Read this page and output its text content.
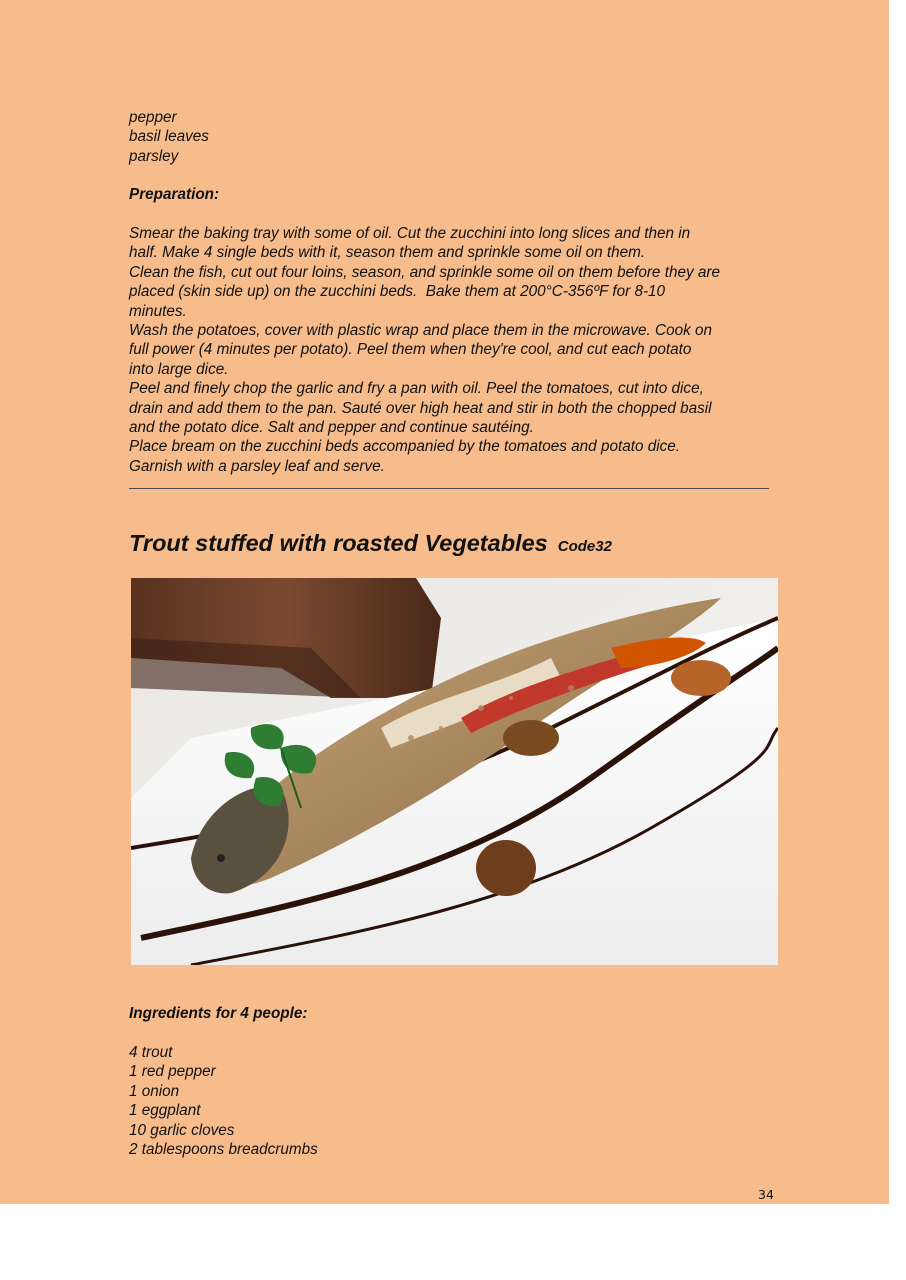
pepper
basil leaves
parsley
Preparation:
Smear the baking tray with some of oil. Cut the zucchini into long slices and then in
half. Make 4 single beds with it, season them and sprinkle some oil on them.
Clean the fish, cut out four loins, season, and sprinkle some oil on them before they are
placed (skin side up) on the zucchini beds.  Bake them at 200°C-356ºF for 8-10
minutes.
Wash the potatoes, cover with plastic wrap and place them in the microwave. Cook on
full power (4 minutes per potato). Peel them when they're cool, and cut each potato
into large dice.
Peel and finely chop the garlic and fry a pan with oil. Peel the tomatoes, cut into dice,
drain and add them to the pan. Sauté over high heat and stir in both the chopped basil
and the potato dice. Salt and pepper and continue sautéing.
Place bream on the zucchini beds accompanied by the tomatoes and potato dice.
Garnish with a parsley leaf and serve.
Trout stuffed with roasted Vegetables Code32
Ingredients for 4 people:
4 trout
1 red pepper
1 onion
1 eggplant
10 garlic cloves
2 tablespoons breadcrumbs
34
